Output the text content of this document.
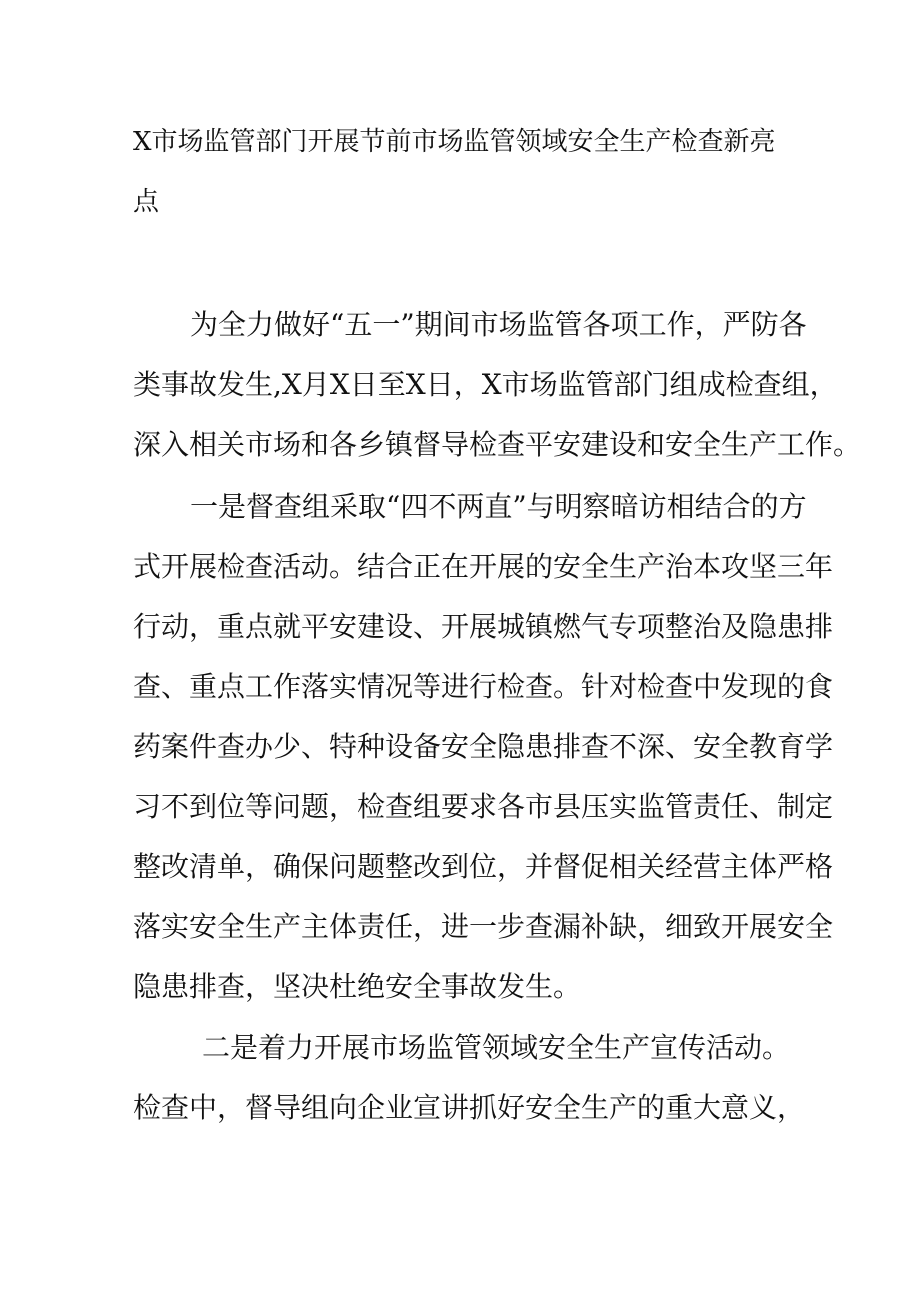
X市场监管部门开展节前市场监管领域安全生产检查新亮
点
为全力做好“五一”期间市场监管各项工作，严防各
类事故发生,X月X日至X日，X市场监管部门组成检查组，
深入相关市场和各乡镇督导检查平安建设和安全生产工作。
一是督查组采取“四不两直”与明察暗访相结合的方
式开展检查活动。结合正在开展的安全生产治本攻坚三年
行动，重点就平安建设、开展城镇燃气专项整治及隐患排
查、重点工作落实情况等进行检查。针对检查中发现的食
药案件查办少、特种设备安全隐患排查不深、安全教育学
习不到位等问题，检查组要求各市县压实监管责任、制定
整改清单，确保问题整改到位，并督促相关经营主体严格
落实安全生产主体责任，进一步查漏补缺，细致开展安全
隐患排查，坚决杜绝安全事故发生。
二是着力开展市场监管领域安全生产宣传活动。
检查中，督导组向企业宣讲抓好安全生产的重大意义，
